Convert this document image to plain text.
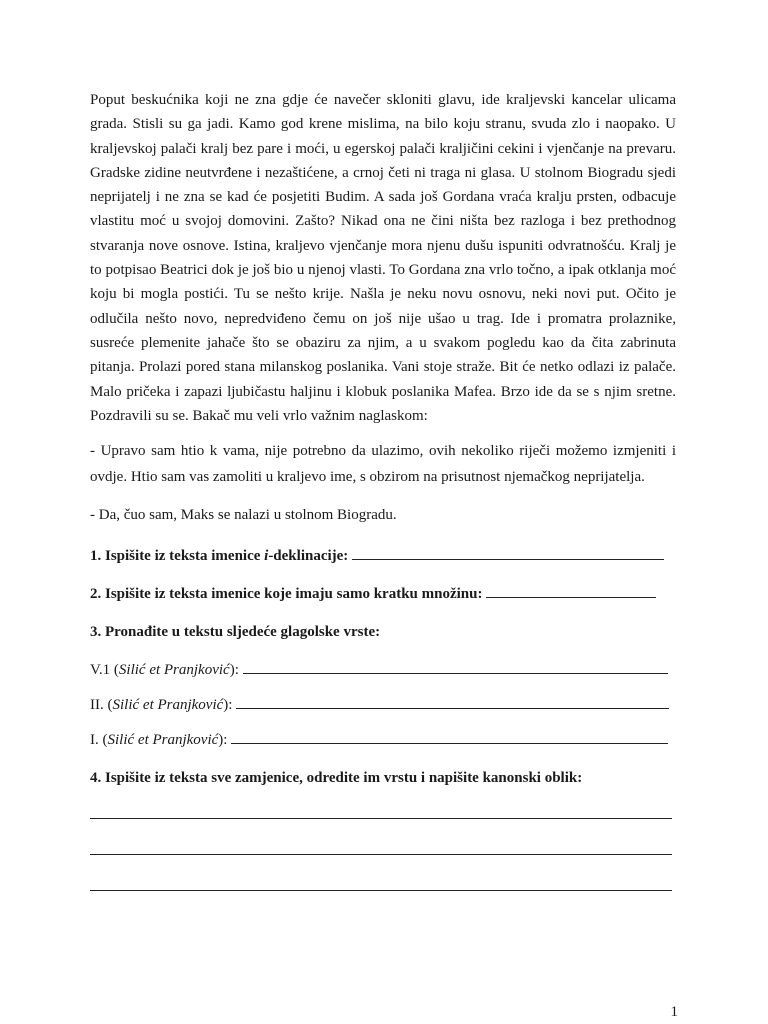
Poput beskućnika koji ne zna gdje će navečer skloniti glavu, ide kraljevski kancelar ulicama grada. Stisli su ga jadi. Kamo god krene mislima, na bilo koju stranu, svuda zlo i naopako. U kraljevskoj palači kralj bez pare i moći, u egerskoj palači kraljičini cekini i vjenčanje na prevaru. Gradske zidine neutvrđene i nezaštićene, a crnoj četi ni traga ni glasa. U stolnom Biogradu sjedi neprijatelj i ne zna se kad će posjetiti Budim. A sada još Gordana vraća kralju prsten, odbacuje vlastitu moć u svojoj domovini. Zašto? Nikad ona ne čini ništa bez razloga i bez prethodnog stvaranja nove osnove. Istina, kraljevo vjenčanje mora njenu dušu ispuniti odvratnošću. Kralj je to potpisao Beatrici dok je još bio u njenoj vlasti. To Gordana zna vrlo točno, a ipak otklanja moć koju bi mogla postići. Tu se nešto krije. Našla je neku novu osnovu, neki novi put. Očito je odlučila nešto novo, nepredviđeno čemu on još nije ušao u trag. Ide i promatra prolaznike, susreće plemenite jahače što se obaziru za njim, a u svakom pogledu kao da čita zabrinuta pitanja. Prolazi pored stana milanskog poslanika. Vani stoje straže. Bit će netko odlazi iz palače. Malo pričeka i zapazi ljubičastu haljinu i klobuk poslanika Mafea. Brzo ide da se s njim sretne. Pozdravili su se. Bakač mu veli vrlo važnim naglaskom:

- Upravo sam htio k vama, nije potrebno da ulazimo, ovih nekoliko riječi možemo izmjeniti i ovdje. Htio sam vas zamoliti u kraljevo ime, s obzirom na prisutnost njemačkog neprijatelja.

- Da, čuo sam, Maks se nalazi u stolnom Biogradu.

1. Ispišite iz teksta imenice i-deklinacije:

2. Ispišite iz teksta imenice koje imaju samo kratku množinu:

3. Pronađite u tekstu sljedeće glagolske vrste:

V.1 (Silić et Pranjković):

II. (Silić et Pranjković):

I. (Silić et Pranjković):

4. Ispišite iz teksta sve zamjenice, odredite im vrstu i napišite kanonski oblik:

1
